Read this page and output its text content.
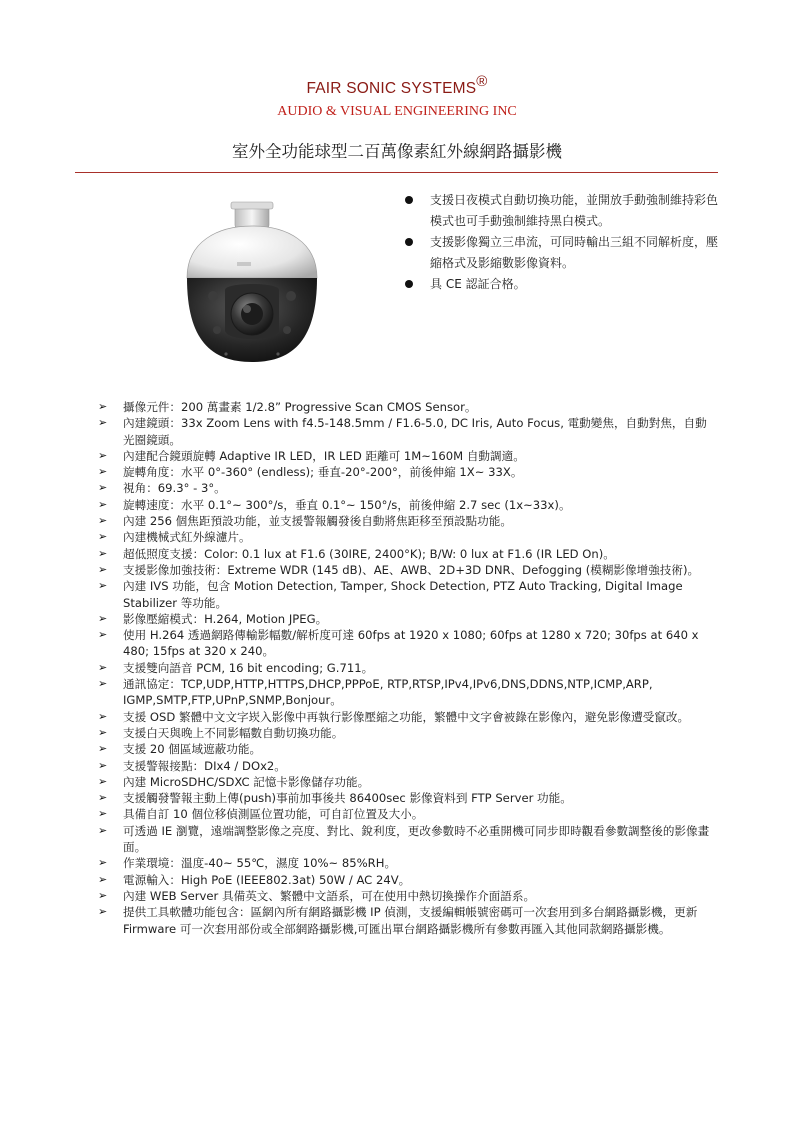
FAIR SONIC SYSTEMS®
AUDIO & VISUAL ENGINEERING INC
室外全功能球型二百萬像素紅外線網路攝影機
支援日夜模式自動切換功能，並開放手動強制維持彩色模式也可手動強制維持黑白模式。
支援影像獨立三串流，可同時輸出三組不同解析度，壓縮格式及影縮數影像資料。
具 CE 認証合格。
➢ 攝像元件：200 萬畫素 1/2.8” Progressive Scan CMOS Sensor。
➢ 內建鏡頭：33x Zoom Lens with f4.5-148.5mm / F1.6-5.0, DC Iris, Auto Focus, 電動變焦，自動對焦，自動光圈鏡頭。
➢ 內建配合鏡頭旋轉 Adaptive IR LED，IR LED 距離可 1M~160M 自動調適。
➢ 旋轉角度：水平 0°-360° (endless); 垂直-20°-200°，前後伸縮 1X~ 33X。
➢ 視角：69.3° - 3°。
➢ 旋轉速度：水平 0.1°~ 300°/s，垂直 0.1°~ 150°/s，前後伸縮 2.7 sec (1x~33x)。
➢ 內建 256 個焦距預設功能，並支援警報觸發後自動將焦距移至預設點功能。
➢ 內建機械式紅外線濾片。
➢ 超低照度支援：Color: 0.1 lux at F1.6 (30IRE, 2400°K); B/W: 0 lux at F1.6 (IR LED On)。
➢ 支援影像加強技術：Extreme WDR (145 dB)、AE、AWB、2D+3D DNR、Defogging (模糊影像增強技術)。
➢ 內建 IVS 功能，包含 Motion Detection, Tamper, Shock Detection, PTZ Auto Tracking, Digital Image Stabilizer 等功能。
➢ 影像壓縮模式：H.264, Motion JPEG。
➢ 使用 H.264 透過網路傳輸影幅數/解析度可達 60fps at 1920 x 1080; 60fps at 1280 x 720; 30fps at 640 x 480; 15fps at 320 x 240。
➢ 支援雙向語音 PCM, 16 bit encoding; G.711。
➢ 通訊協定：TCP,UDP,HTTP,HTTPS,DHCP,PPPoE, RTP,RTSP,IPv4,IPv6,DNS,DDNS,NTP,ICMP,ARP, IGMP,SMTP,FTP,UPnP,SNMP,Bonjour。
➢ 支援 OSD 繁體中文文字崁入影像中再執行影像壓縮之功能，繁體中文字會被錄在影像內，避免影像遭受竄改。
➢ 支援白天與晚上不同影幅數自動切換功能。
➢ 支援 20 個區域遮蔽功能。
➢ 支援警報接點：DIx4 / DOx2。
➢ 內建 MicroSDHC/SDXC 記憶卡影像儲存功能。
➢ 支援觸發警報主動上傳(push)事前加事後共 86400sec 影像資料到 FTP Server 功能。
➢ 具備自訂 10 個位移偵測區位置功能，可自訂位置及大小。
➢ 可透過 IE 瀏覽，遠端調整影像之亮度、對比、銳利度，更改參數時不必重開機可同步即時觀看參數調整後的影像畫面。
➢ 作業環境：溫度-40~ 55℃，濕度 10%~ 85%RH。
➢ 電源輸入：High PoE (IEEE802.3at) 50W / AC 24V。
➢ 內建 WEB Server 具備英文、繁體中文語系，可在使用中熱切換操作介面語系。
➢ 提供工具軟體功能包含：區網內所有網路攝影機 IP 偵測，支援編輯帳號密碼可一次套用到多台網路攝影機，更新 Firmware 可一次套用部份或全部網路攝影機,可匯出單台網路攝影機所有參數再匯入其他同款網路攝影機。
